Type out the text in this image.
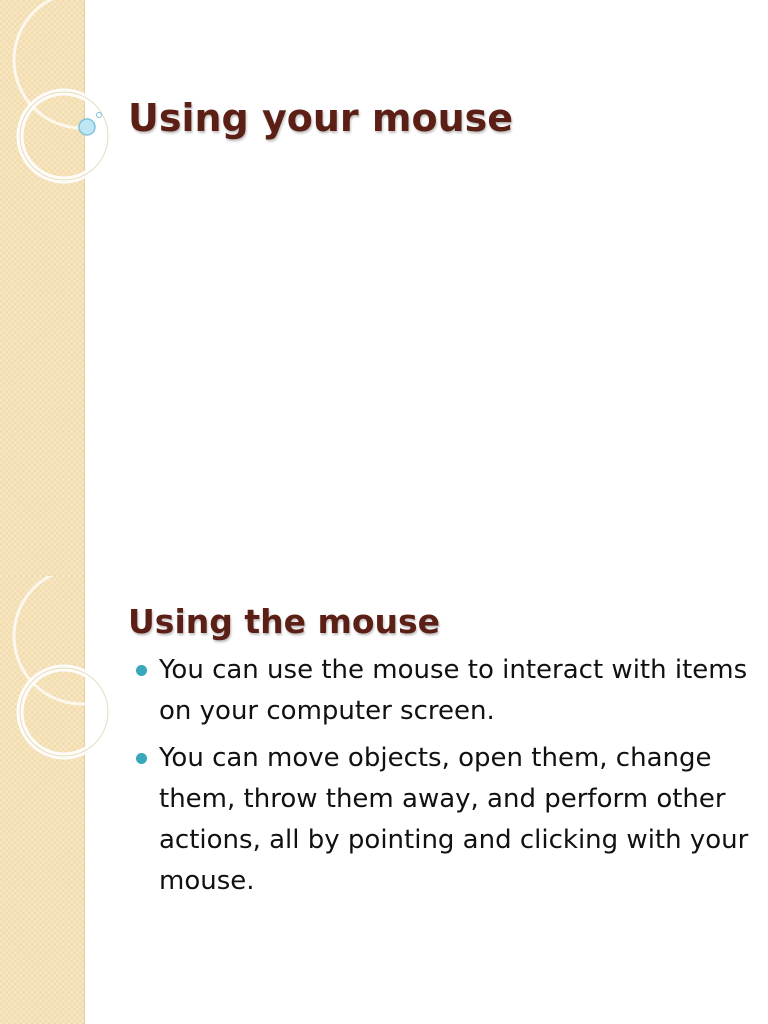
Using your mouse
Using the mouse
You can use the mouse to interact with items on your computer screen.
You can move objects, open them, change them, throw them away, and perform other actions, all by pointing and clicking with your mouse.
